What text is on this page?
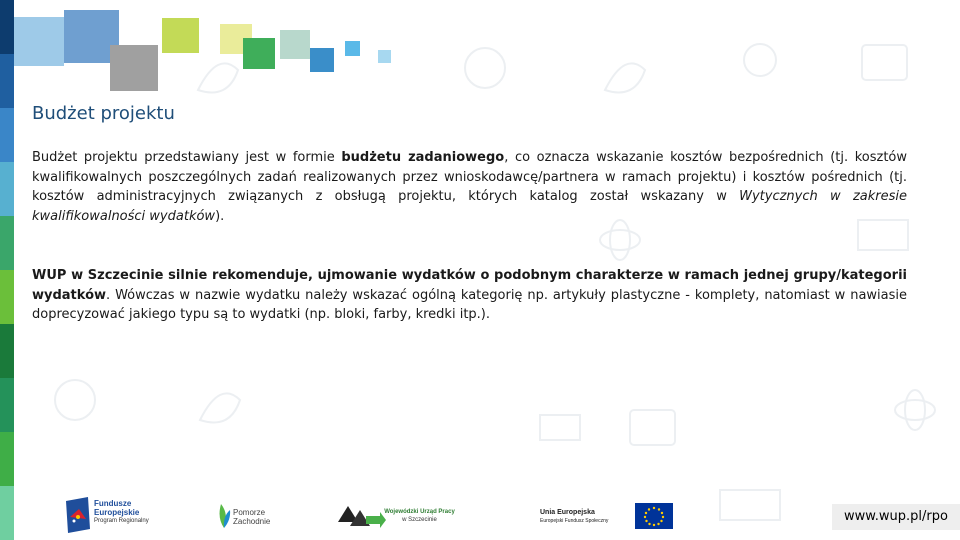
Budżet projektu

Budżet projektu przedstawiany jest w formie budżetu zadaniowego, co oznacza wskazanie kosztów bezpośrednich (tj. kosztów kwalifikowalnych poszczególnych zadań realizowanych przez wnioskodawcę/partnera w ramach projektu) i kosztów pośrednich (tj. kosztów administracyjnych związanych z obsługą projektu, których katalog został wskazany w Wytycznych w zakresie kwalifikowalności wydatków).

WUP w Szczecinie silnie rekomenduje, ujmowanie wydatków o podobnym charakterze w ramach jednej grupy/kategorii wydatków. Wówczas w nazwie wydatku należy wskazać ogólną kategorię np. artykuły plastyczne - komplety, natomiast w nawiasie doprecyzować jakiego typu są to wydatki (np. bloki, farby, kredki itp.).

Fundusze
Europejskie
Program Regionalny
Pomorze
Zachodnie
Wojewódzki Urząd Pracy
w Szczecinie
Unia Europejska
Europejski Fundusz Społeczny	www.wup.pl/rpo
